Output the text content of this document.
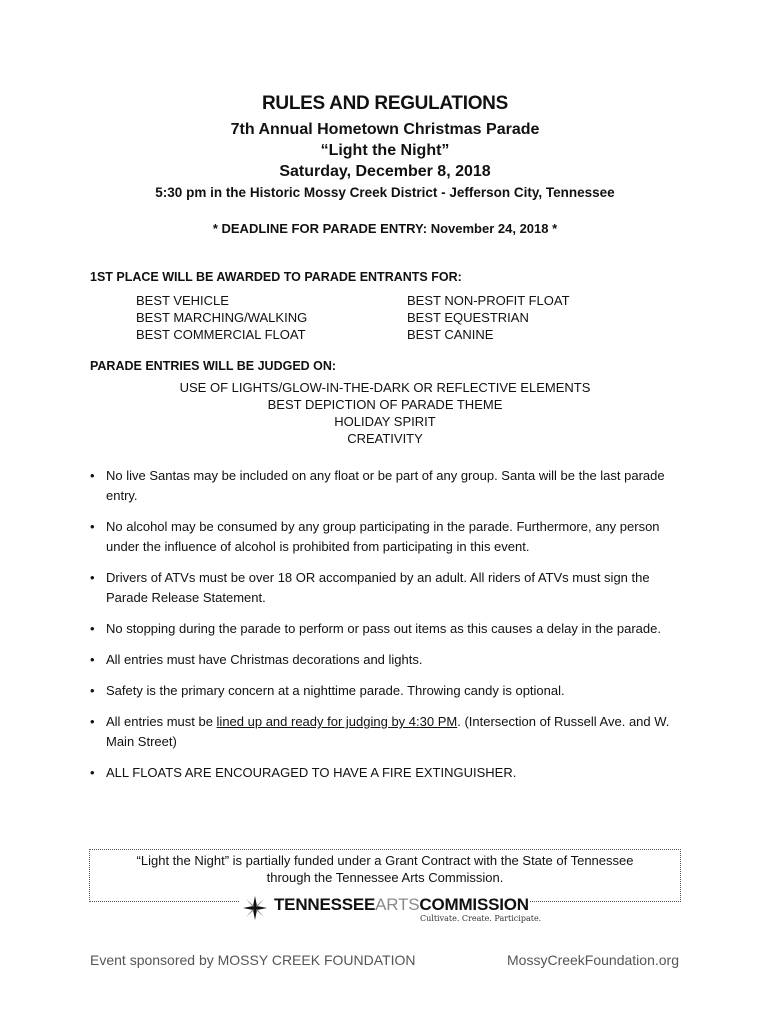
RULES AND REGULATIONS
7th Annual Hometown Christmas Parade
“Light the Night”
Saturday, December 8, 2018
5:30 pm in the Historic Mossy Creek District - Jefferson City, Tennessee
* DEADLINE FOR PARADE ENTRY: November 24, 2018 *
1ST PLACE WILL BE AWARDED TO PARADE ENTRANTS FOR:
BEST VEHICLE
BEST MARCHING/WALKING
BEST COMMERCIAL FLOAT
BEST NON-PROFIT FLOAT
BEST EQUESTRIAN
BEST CANINE
PARADE ENTRIES WILL BE JUDGED ON:
USE OF LIGHTS/GLOW-IN-THE-DARK OR REFLECTIVE ELEMENTS
BEST DEPICTION OF PARADE THEME
HOLIDAY SPIRIT
CREATIVITY
• No live Santas may be included on any float or be part of any group. Santa will be the last parade entry.
• No alcohol may be consumed by any group participating in the parade. Furthermore, any person under the influence of alcohol is prohibited from participating in this event.
• Drivers of ATVs must be over 18 OR accompanied by an adult. All riders of ATVs must sign the Parade Release Statement.
• No stopping during the parade to perform or pass out items as this causes a delay in the parade.
• All entries must have Christmas decorations and lights.
• Safety is the primary concern at a nighttime parade. Throwing candy is optional.
• All entries must be lined up and ready for judging by 4:30 PM. (Intersection of Russell Ave. and W. Main Street)
• ALL FLOATS ARE ENCOURAGED TO HAVE A FIRE EXTINGUISHER.
“Light the Night” is partially funded under a Grant Contract with the State of Tennessee
through the Tennessee Arts Commission.
TENNESSEEARTSCOMMISSION
Cultivate. Create. Participate.
Event sponsored by MOSSY CREEK FOUNDATION	MossyCreekFoundation.org
